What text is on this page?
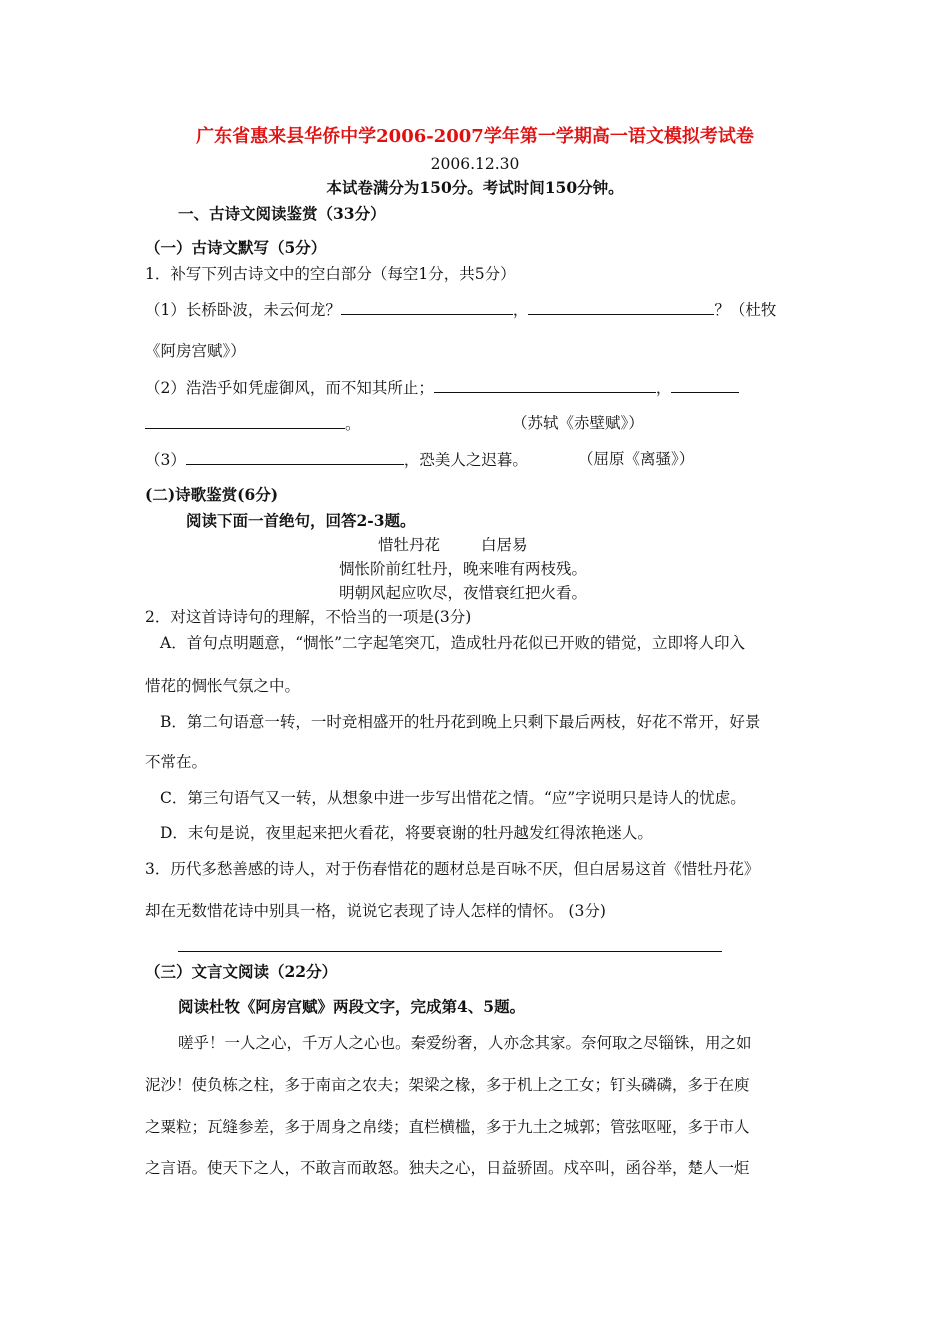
广东省惠来县华侨中学2006-2007学年第一学期高一语文模拟考试卷
2006.12.30
本试卷满分为150分。考试时间150分钟。
一、古诗文阅读鉴赏（33分）
（一）古诗文默写（5分）
1．补写下列古诗文中的空白部分（每空1分，共5分）
（1）长桥卧波，未云何龙？	，	？（杜牧
《阿房宫赋》）
（2）浩浩乎如凭虚御风，而不知其所止；	，
。	（苏轼《赤壁赋》）
（3）	，恐美人之迟暮。	（屈原《离骚》）
(二)诗歌鉴赏(6分)
阅读下面一首绝句，回答2-3题。
惜牡丹花	白居易
惆怅阶前红牡丹，晚来唯有两枝残。
明朝风起应吹尽，夜惜衰红把火看。
2．对这首诗诗句的理解，不恰当的一项是(3分)
A．首句点明题意，“惆怅”二字起笔突兀，造成牡丹花似已开败的错觉，立即将人印入
惜花的惆怅气氛之中。
B．第二句语意一转，一时竞相盛开的牡丹花到晚上只剩下最后两枝，好花不常开，好景
不常在。
C．第三句语气又一转，从想象中进一步写出惜花之情。“应”字说明只是诗人的忧虑。
D．末句是说，夜里起来把火看花，将要衰谢的牡丹越发红得浓艳迷人。
3．历代多愁善感的诗人，对于伤春惜花的题材总是百咏不厌，但白居易这首《惜牡丹花》
却在无数惜花诗中别具一格，说说它表现了诗人怎样的情怀。 (3分)
（三）文言文阅读（22分）
阅读杜牧《阿房宫赋》两段文字，完成第4、5题。
嗟乎！一人之心，千万人之心也。秦爱纷奢，人亦念其家。奈何取之尽锱铢，用之如
泥沙！使负栋之柱，多于南亩之农夫；架梁之椽，多于机上之工女；钉头磷磷，多于在庾
之粟粒；瓦缝参差，多于周身之帛缕；直栏横槛，多于九土之城郭；管弦呕哑，多于市人
之言语。使天下之人，不敢言而敢怒。独夫之心，日益骄固。戍卒叫，函谷举，楚人一炬
